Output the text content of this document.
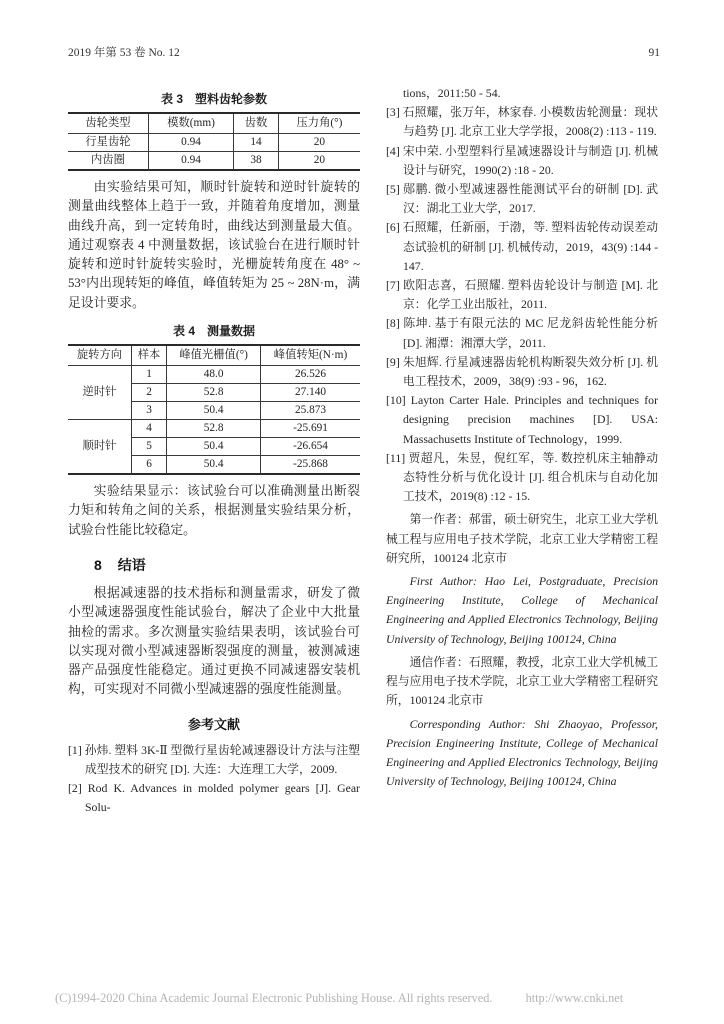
2019 年第 53 卷 No. 12	91
表 3 塑料齿轮参数
齿轮类型	模数(mm)	齿数	压力角(°)
行星齿轮	0.94	14	20
内齿圈	0.94	38	20

由实验结果可知，顺时针旋转和逆时针旋转的测量曲线整体上趋于一致，并随着角度增加，测量曲线升高，到一定转角时，曲线达到测量最大值。通过观察表 4 中测量数据，该试验台在进行顺时针旋转和逆时针旋转实验时，光栅旋转角度在 48° ~ 53°内出现转矩的峰值，峰值转矩为 25 ~ 28N·m，满足设计要求。

表 4 测量数据
旋转方向	样本	峰值光栅值(°)	峰值转矩(N·m)
逆时针	1	48.0	26.526
	2	52.8	27.140
	3	50.4	25.873
顺时针	4	52.8	-25.691
	5	50.4	-26.654
	6	50.4	-25.868

实验结果显示：该试验台可以准确测量出断裂力矩和转角之间的关系，根据测量实验结果分析，试验台性能比较稳定。

8 结语

根据减速器的技术指标和测量需求，研发了微小型减速器强度性能试验台，解决了企业中大批量抽检的需求。多次测量实验结果表明，该试验台可以实现对微小型减速器断裂强度的测量，被测减速器产品强度性能稳定。通过更换不同减速器安装机构，可实现对不同微小型减速器的强度性能测量。

参考文献

[1] 孙炜. 塑料 3K-Ⅱ 型微行星齿轮减速器设计方法与注塑成型技术的研究 [D]. 大连：大连理工大学，2009.

[2] Rod K. Advances in molded polymer gears [J]. Gear Solu-

tions，2011:50 - 54.

[3] 石照耀，张万年，林家春. 小模数齿轮测量：现状与趋势 [J]. 北京工业大学学报，2008(2) :113 - 119.

[4] 宋中荣. 小型塑料行星减速器设计与制造 [J]. 机械设计与研究，1990(2) :18 - 20.

[5] 郧鹏. 微小型减速器性能测试平台的研制 [D]. 武汉：湖北工业大学，2017.

[6] 石照耀，任新丽，于渤，等. 塑料齿轮传动误差动态试验机的研制 [J]. 机械传动，2019，43(9) :144 - 147.

[7] 欧阳志喜，石照耀. 塑料齿轮设计与制造 [M]. 北京：化学工业出版社，2011.

[8] 陈坤. 基于有限元法的 MC 尼龙斜齿轮性能分析 [D]. 湘潭：湘潭大学，2011.

[9] 朱旭辉. 行星减速器齿轮机构断裂失效分析 [J]. 机电工程技术，2009，38(9) :93 - 96，162.

[10] Layton Carter Hale. Principles and techniques for designing precision machines [D]. USA: Massachusetts Institute of Technology，1999.

[11] 贾超凡，朱昱，倪红军，等. 数控机床主轴静动态特性分析与优化设计 [J]. 组合机床与自动化加工技术，2019(8) :12 - 15.

第一作者：郝雷，硕士研究生，北京工业大学机械工程与应用电子技术学院，北京工业大学精密工程研究所，100124 北京市

First Author: Hao Lei, Postgraduate, Precision Engineering Institute, College of Mechanical Engineering and Applied Electronics Technology, Beijing University of Technology, Beijing 100124, China

通信作者：石照耀，教授，北京工业大学机械工程与应用电子技术学院，北京工业大学精密工程研究所，100124 北京市

Corresponding Author: Shi Zhaoyao, Professor, Precision Engineering Institute, College of Mechanical Engineering and Applied Electronics Technology, Beijing University of Technology, Beijing 100124, China

(C)1994-2020 China Academic Journal Electronic Publishing House. All rights reserved.	http://www.cnki.net
